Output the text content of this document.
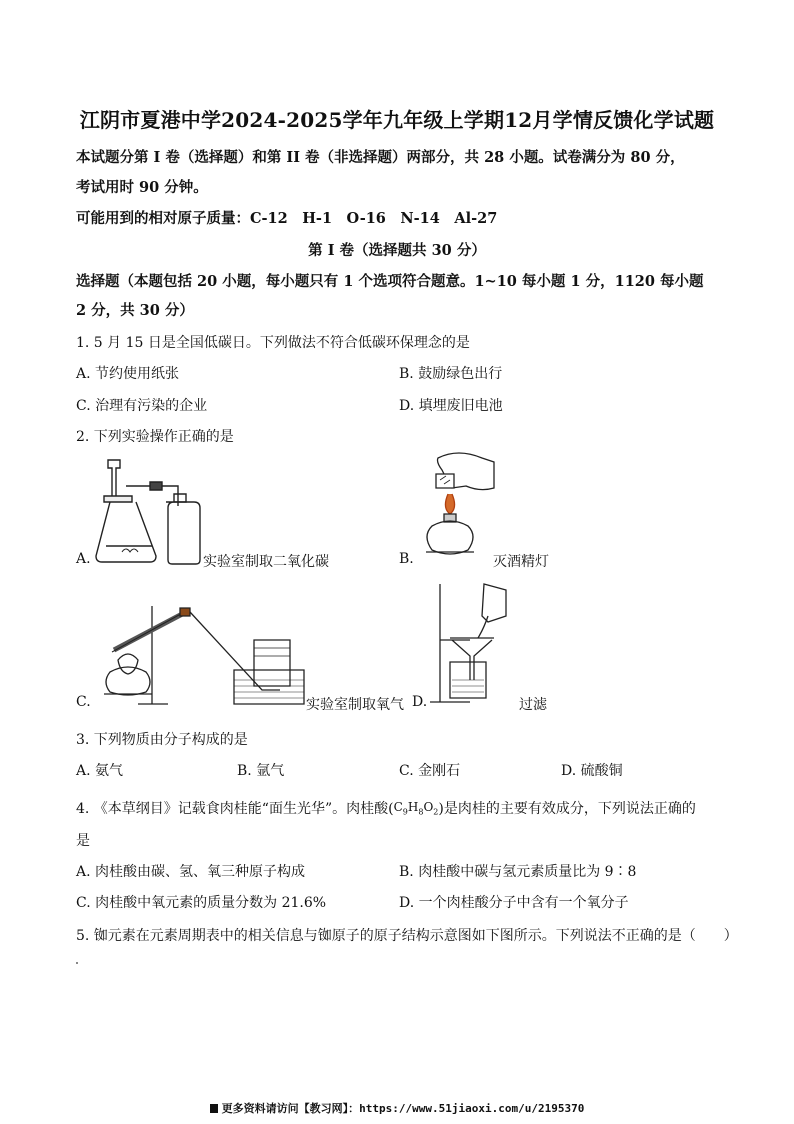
江阴市夏港中学2024-2025学年九年级上学期12月学情反馈化学试题
本试题分第 I 卷（选择题）和第 II 卷（非选择题）两部分，共 28 小题。试卷满分为 80 分，
考试用时 90 分钟。
可能用到的相对原子质量：C-12　H-1　O-16　N-14　Al-27
第 I 卷（选择题共 30 分）
选择题（本题包括 20 小题，每小题只有 1 个选项符合题意。1~10 每小题 1 分，1120 每小题
2 分，共 30 分）
1. 5 月 15 日是全国低碳日。下列做法不符合低碳环保理念的是
A. 节约使用纸张	B. 鼓励绿色出行
C. 治理有污染的企业	D. 填埋废旧电池
2. 下列实验操作正确的是
A.	实验室制取二氧化碳	B.	灭酒精灯
C.	实验室制取氧气 D.	过滤
3. 下列物质由分子构成的是
A. 氨气	B. 氩气	C. 金刚石	D. 硫酸铜
4. 《本草纲目》记载食肉桂能“面生光华”。肉桂酸$(C_9H_8O_2)$是肉桂的主要有效成分，下列说法正确的
是
A. 肉桂酸由碳、氢、氧三种原子构成	B. 肉桂酸中碳与氢元素质量比为 9∶8
C. 肉桂酸中氧元素的质量分数为 21.6%	D. 一个肉桂酸分子中含有一个氧分子
5. 铷元素在元素周期表中的相关信息与铷原子的原子结构示意图如下图所示。下列说法不正确的是（　　）
更多资料请访问【教习网】：https://www.51jiaoxi.com/u/2195370
